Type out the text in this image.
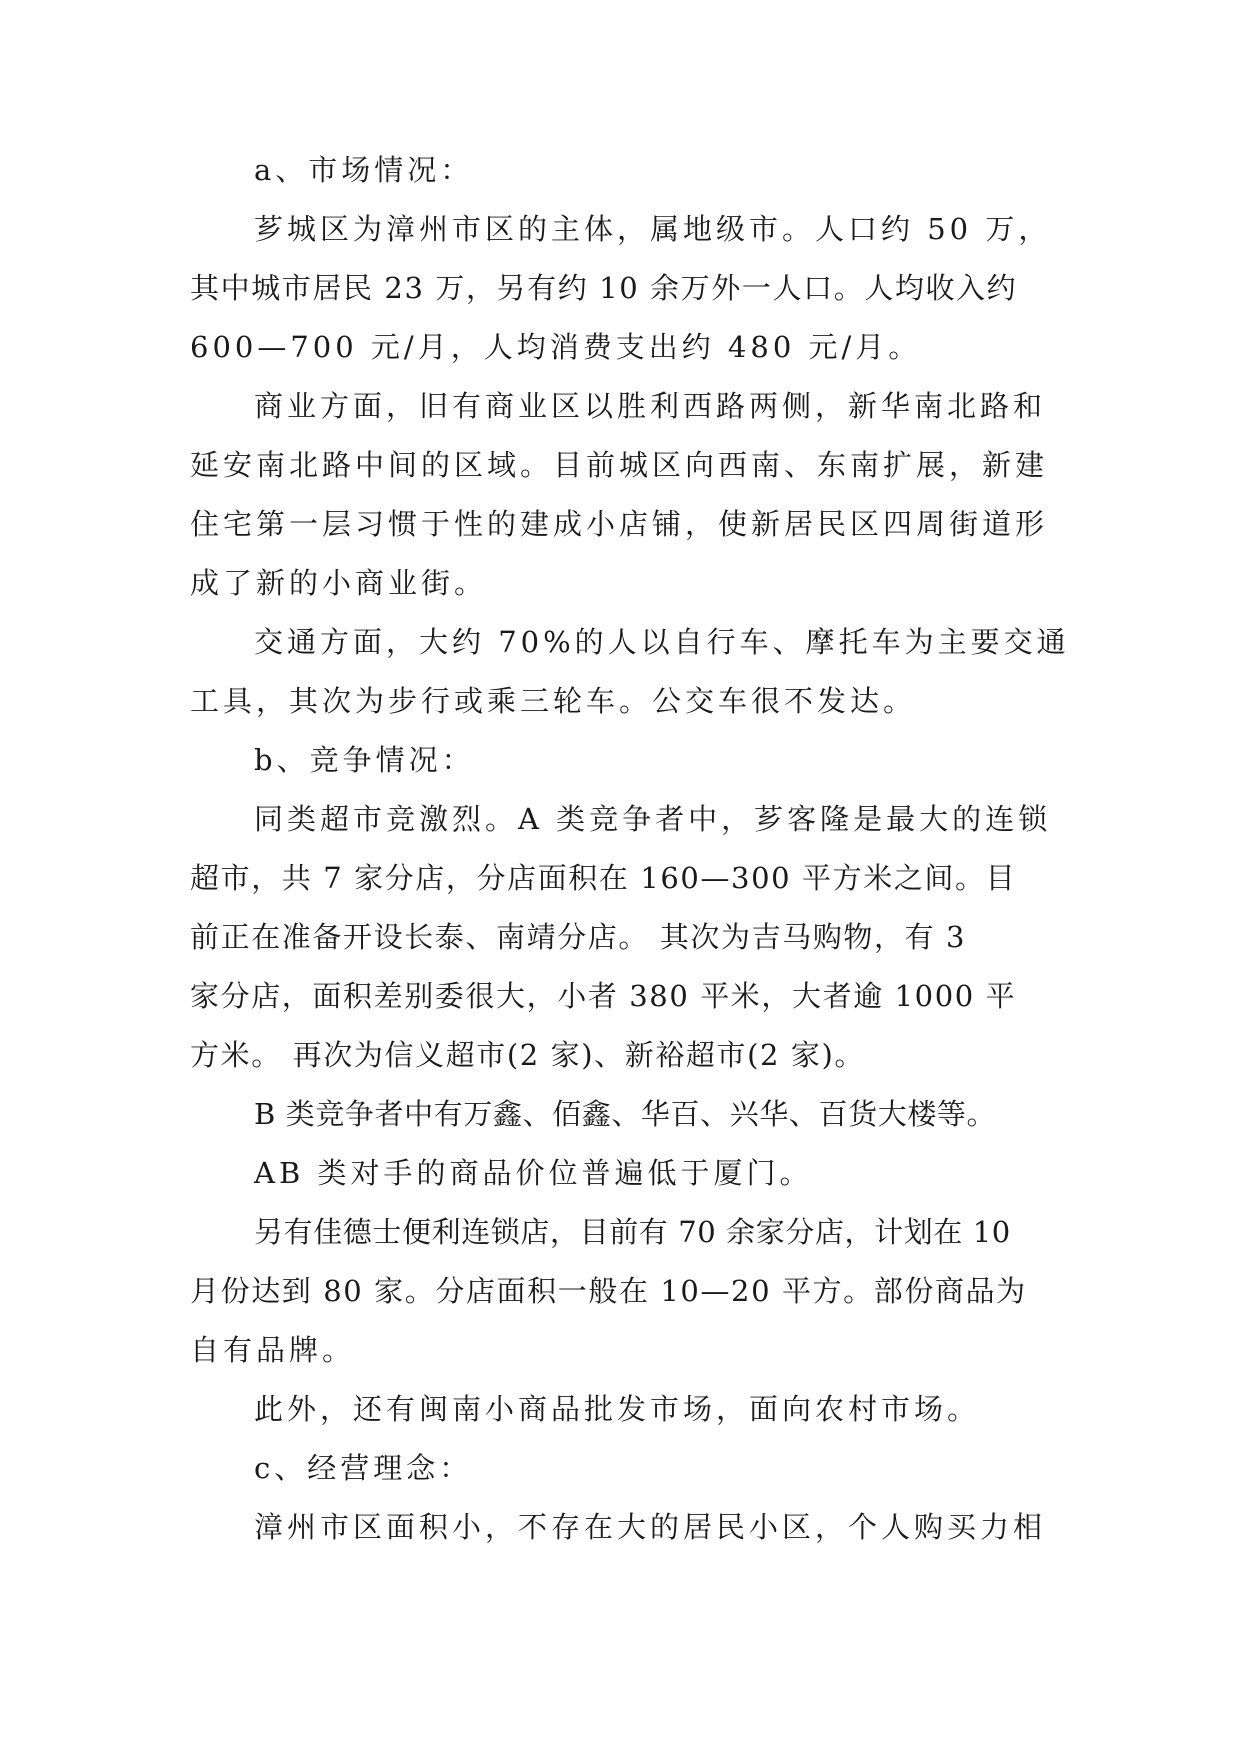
a、市场情况：
芗城区为漳州市区的主体，属地级市。人口约 50 万，
其中城市居民 23 万，另有约 10 余万外一人口。人均收入约
600—700 元/月，人均消费支出约 480 元/月。
商业方面，旧有商业区以胜利西路两侧，新华南北路和
延安南北路中间的区域。目前城区向西南、东南扩展，新建
住宅第一层习惯于性的建成小店铺，使新居民区四周街道形
成了新的小商业街。
交通方面，大约 70%的人以自行车、摩托车为主要交通
工具，其次为步行或乘三轮车。公交车很不发达。
b、竞争情况：
同类超市竞激烈。A 类竞争者中，芗客隆是最大的连锁
超市，共 7 家分店，分店面积在 160—300 平方米之间。目
前正在准备开设长泰、南靖分店。 其次为吉马购物，有 3
家分店，面积差别委很大，小者 380 平米，大者逾 1000 平
方米。 再次为信义超市(2 家)、新裕超市(2 家)。
B 类竞争者中有万鑫、佰鑫、华百、兴华、百货大楼等。
AB 类对手的商品价位普遍低于厦门。
另有佳德士便利连锁店，目前有 70 余家分店，计划在 10
月份达到 80 家。分店面积一般在 10—20 平方。部份商品为
自有品牌。
此外，还有闽南小商品批发市场，面向农村市场。
c、经营理念：
漳州市区面积小，不存在大的居民小区，个人购买力相
